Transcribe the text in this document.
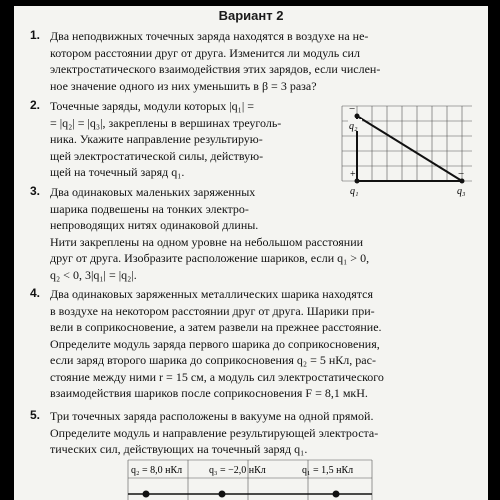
Вариант 2
1. Два неподвижных точечных заряда находятся в воздухе на не-
котором расстоянии друг от друга. Изменится ли модуль сил
электростатического взаимодействия этих зарядов, если числен-
ное значение одного из них уменьшить в β = 3 раза?
2. Точечные заряды, модули которых |q₁| =
= |q₂| = |q₃|, закреплены в вершинах треуголь-
ника. Укажите направление результирую-
щей электростатической силы, действую-
щей на точечный заряд q₁.
3. Два одинаковых маленьких заряженных
шарика подвешены на тонких электро-
непроводящих нитях одинаковой длины.
Нити закреплены на одном уровне на небольшом расстоянии
друг от друга. Изобразите расположение шариков, если q₁ > 0,
q₂ < 0, 3|q₁| = |q₂|.
4. Два одинаковых заряженных металлических шарика находятся
в воздухе на некотором расстоянии друг от друга. Шарики при-
вели в соприкосновение, а затем развели на прежнее расстояние.
Определите модуль заряда первого шарика до соприкосновения,
если заряд второго шарика до соприкосновения q₂ = 5 нКл, рас-
стояние между ними r = 15 см, а модуль сил электростатического
взаимодействия шариков после соприкосновения F = 8,1 мкН.
5. Три точечных заряда расположены в вакууме на одной прямой.
Определите модуль и направление результирующей электроста-
тических сил, действующих на точечный заряд q₁.
−
q₂
+
q₁
−
q₃
q₂ = 8,0 нКл	q₃ = −2,0 нКл	q₁ = 1,5 нКл
